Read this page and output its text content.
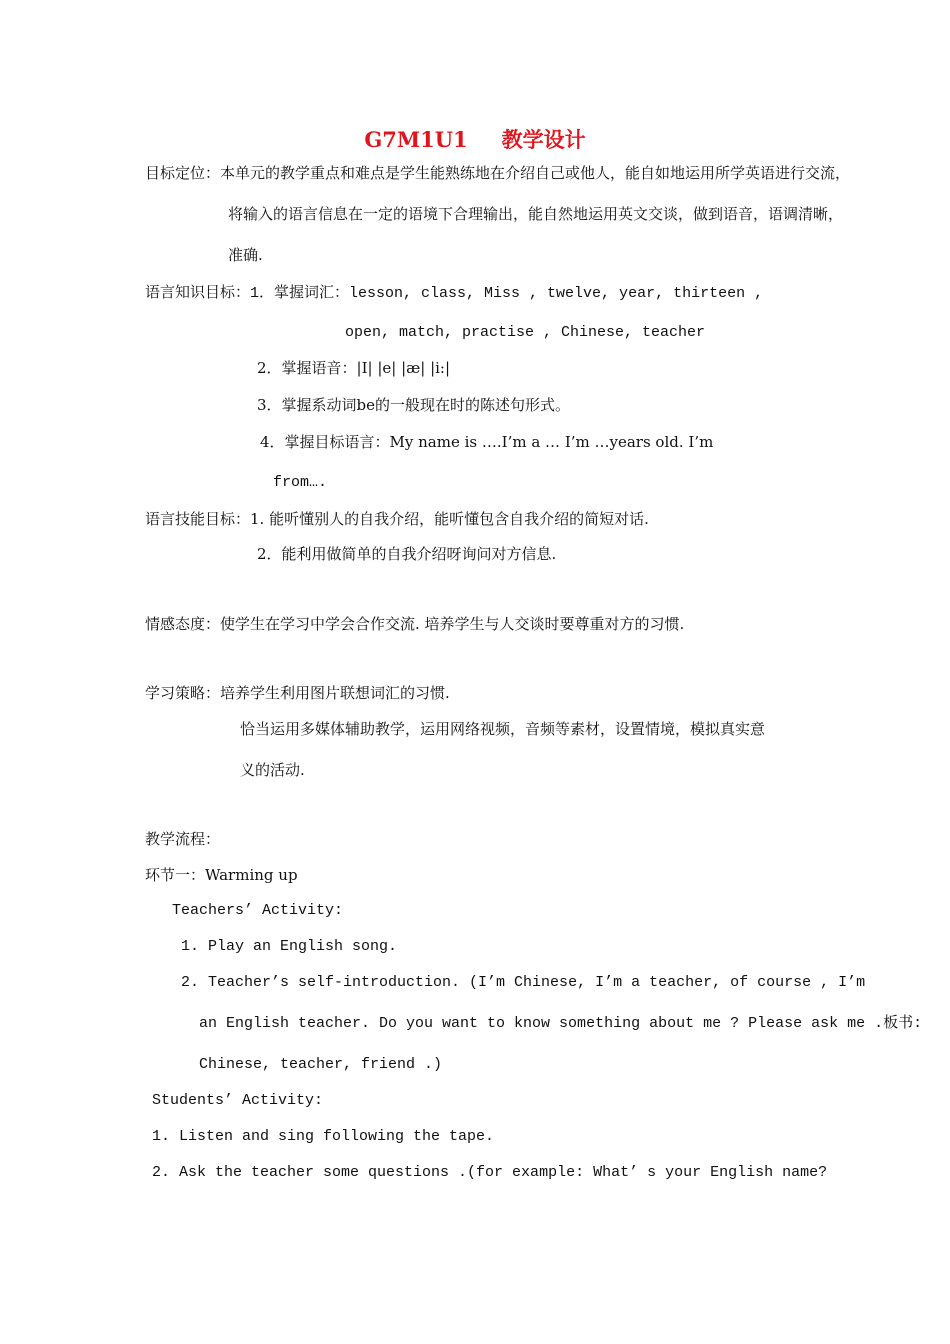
G7M1U1 教学设计
目标定位：本单元的教学重点和难点是学生能熟练地在介绍自己或他人，能自如地运用所学英语进行交流，
将输入的语言信息在一定的语境下合理输出，能自然地运用英文交谈，做到语音，语调清晰，
准确.
语言知识目标：1．掌握词汇：lesson, class, Miss , twelve, year, thirteen ,
open, match, practise , Chinese, teacher
2．掌握语音：|I| |e| |æ| |i:|
3．掌握系动词be的一般现在时的陈述句形式。
4．掌握目标语言：My name is ….I’m a … I’m …years old. I’m
from….
语言技能目标：1. 能听懂别人的自我介绍，能听懂包含自我介绍的简短对话.
2．能利用做简单的自我介绍呀询问对方信息.
情感态度：使学生在学习中学会合作交流. 培养学生与人交谈时要尊重对方的习惯.
学习策略：培养学生利用图片联想词汇的习惯.
恰当运用多媒体辅助教学，运用网络视频，音频等素材，设置情境，模拟真实意
义的活动.
教学流程：
环节一：Warming up
Teachers’ Activity:
1. Play an English song.
2. Teacher’s self-introduction. (I’m Chinese, I’m a teacher, of course , I’m
an English teacher. Do you want to know something about me ? Please ask me .板书:
Chinese, teacher, friend .)
Students’ Activity:
1. Listen and sing following the tape.
2. Ask the teacher some questions .(for example: What’ s your English name?
